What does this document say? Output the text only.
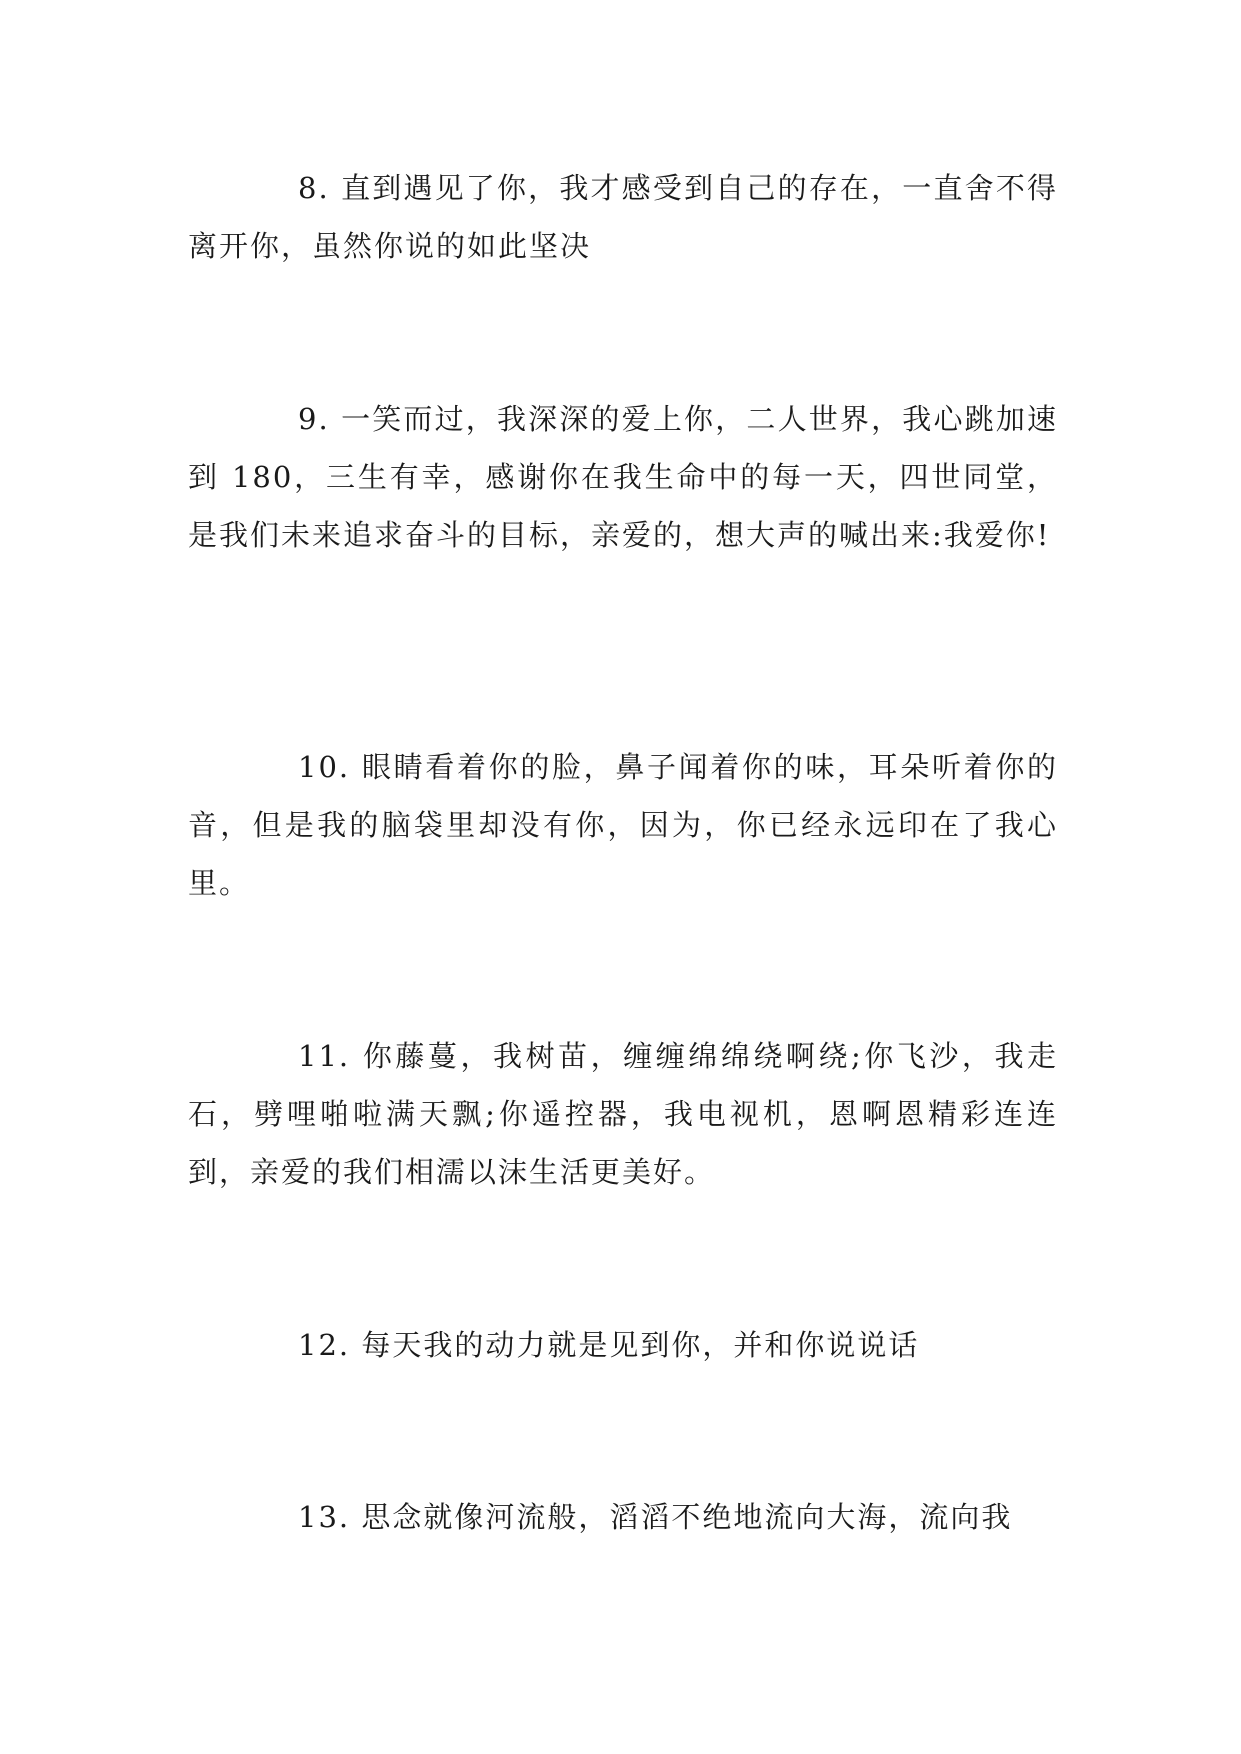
8. 直到遇见了你，我才感受到自己的存在，一直舍不得离开你，虽然你说的如此坚决

9. 一笑而过，我深深的爱上你，二人世界，我心跳加速到 180，三生有幸，感谢你在我生命中的每一天，四世同堂，是我们未来追求奋斗的目标，亲爱的，想大声的喊出来:我爱你!

10. 眼睛看着你的脸，鼻子闻着你的味，耳朵听着你的音，但是我的脑袋里却没有你，因为，你已经永远印在了我心里。

11. 你藤蔓，我树苗，缠缠绵绵绕啊绕;你飞沙，我走石，劈哩啪啦满天飘;你遥控器，我电视机，恩啊恩精彩连连到，亲爱的我们相濡以沫生活更美好。

12. 每天我的动力就是见到你，并和你说说话

13. 思念就像河流般，滔滔不绝地流向大海，流向我
